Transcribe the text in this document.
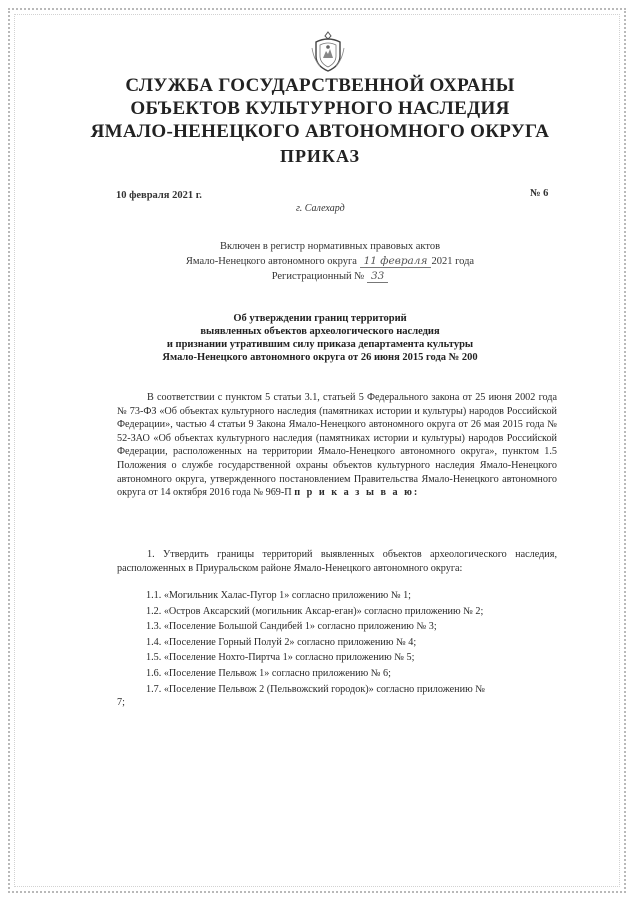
СЛУЖБА ГОСУДАРСТВЕННОЙ ОХРАНЫ
ОБЪЕКТОВ КУЛЬТУРНОГО НАСЛЕДИЯ
ЯМАЛО-НЕНЕЦКОГО АВТОНОМНОГО ОКРУГА
ПРИКАЗ
10 февраля 2021 г.	№ 6
г. Салехард
Включен в регистр нормативных правовых актов
Ямало-Ненецкого автономного округа 11 февраля 2021 года
Регистрационный № 33
Об утверждении границ территорий
выявленных объектов археологического наследия
и признании утратившим силу приказа департамента культуры
Ямало-Ненецкого автономного округа от 26 июня 2015 года № 200

В соответствии с пунктом 5 статьи 3.1, статьей 5 Федерального закона от 25 июня 2002 года № 73-ФЗ «Об объектах культурного наследия (памятниках истории и культуры) народов Российской Федерации», частью 4 статьи 9 Закона Ямало-Ненецкого автономного округа от 26 мая 2015 года № 52-ЗАО «Об объектах культурного наследия (памятниках истории и культуры) народов Российской Федерации, расположенных на территории Ямало-Ненецкого автономного округа», пунктом 1.5 Положения о службе государственной охраны объектов культурного наследия Ямало-Ненецкого автономного округа, утвержденного постановлением Правительства Ямало-Ненецкого автономного округа от 14 октября 2016 года № 969-П п р и к а з ы в а ю:

1. Утвердить границы территорий выявленных объектов археологического наследия, расположенных в Приуральском районе Ямало-Ненецкого автономного округа:
1.1. «Могильник Халас-Пугор 1» согласно приложению № 1;
1.2. «Остров Аксарский (могильник Аксар-еган)» согласно приложению № 2;
1.3. «Поселение Большой Сандибей 1» согласно приложению № 3;
1.4. «Поселение Горный Полуй 2» согласно приложению № 4;
1.5. «Поселение Нохто-Пиртча 1» согласно приложению № 5;
1.6. «Поселение Пельвож 1» согласно приложению № 6;
1.7. «Поселение Пельвож 2 (Пельвожский городок)» согласно приложению №
7;
